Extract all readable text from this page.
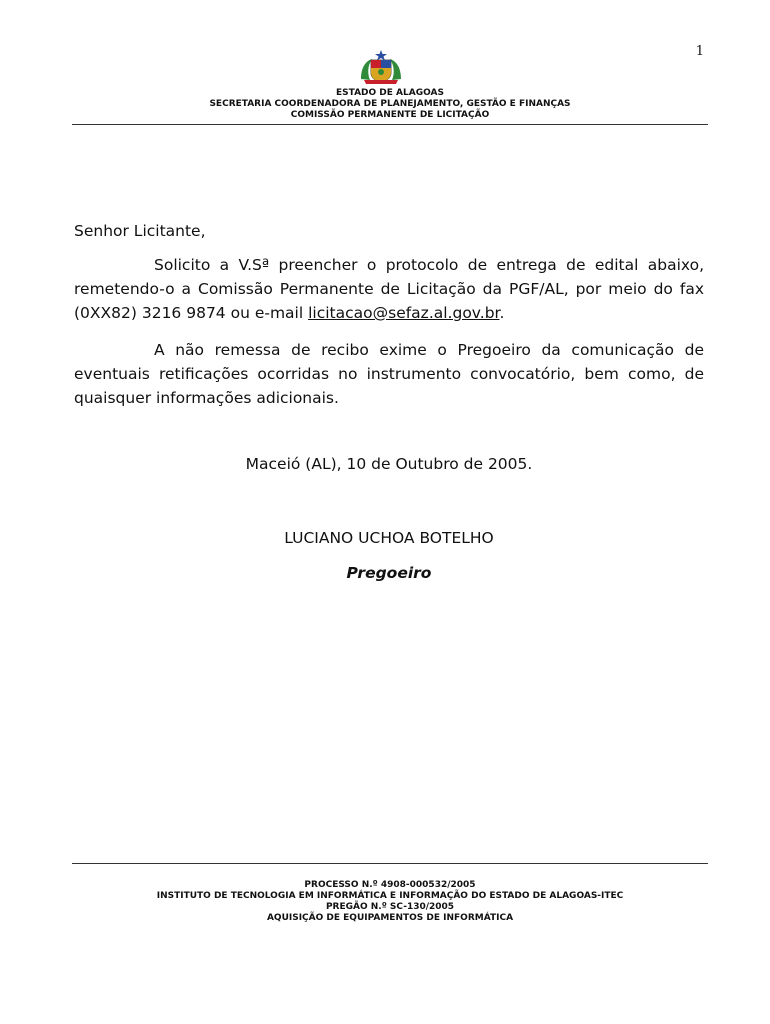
1
ESTADO DE ALAGOAS
SECRETARIA COORDENADORA DE PLANEJAMENTO, GESTÃO E FINANÇAS
COMISSÃO PERMANENTE DE LICITAÇÃO
Senhor Licitante,
Solicito a V.Sª preencher o protocolo de entrega de edital abaixo, remetendo-o a Comissão Permanente de Licitação da PGF/AL, por meio do fax (0XX82) 3216 9874 ou e-mail licitacao@sefaz.al.gov.br.
A não remessa de recibo exime o Pregoeiro da comunicação de eventuais retificações ocorridas no instrumento convocatório, bem como, de quaisquer informações adicionais.
Maceió (AL), 10 de Outubro de 2005.
LUCIANO UCHOA BOTELHO
Pregoeiro
PROCESSO N.º 4908-000532/2005
INSTITUTO DE TECNOLOGIA EM INFORMÁTICA E INFORMAÇÃO DO ESTADO DE ALAGOAS-ITEC
PREGÃO N.º SC-130/2005
AQUISIÇÃO DE EQUIPAMENTOS DE INFORMÁTICA
